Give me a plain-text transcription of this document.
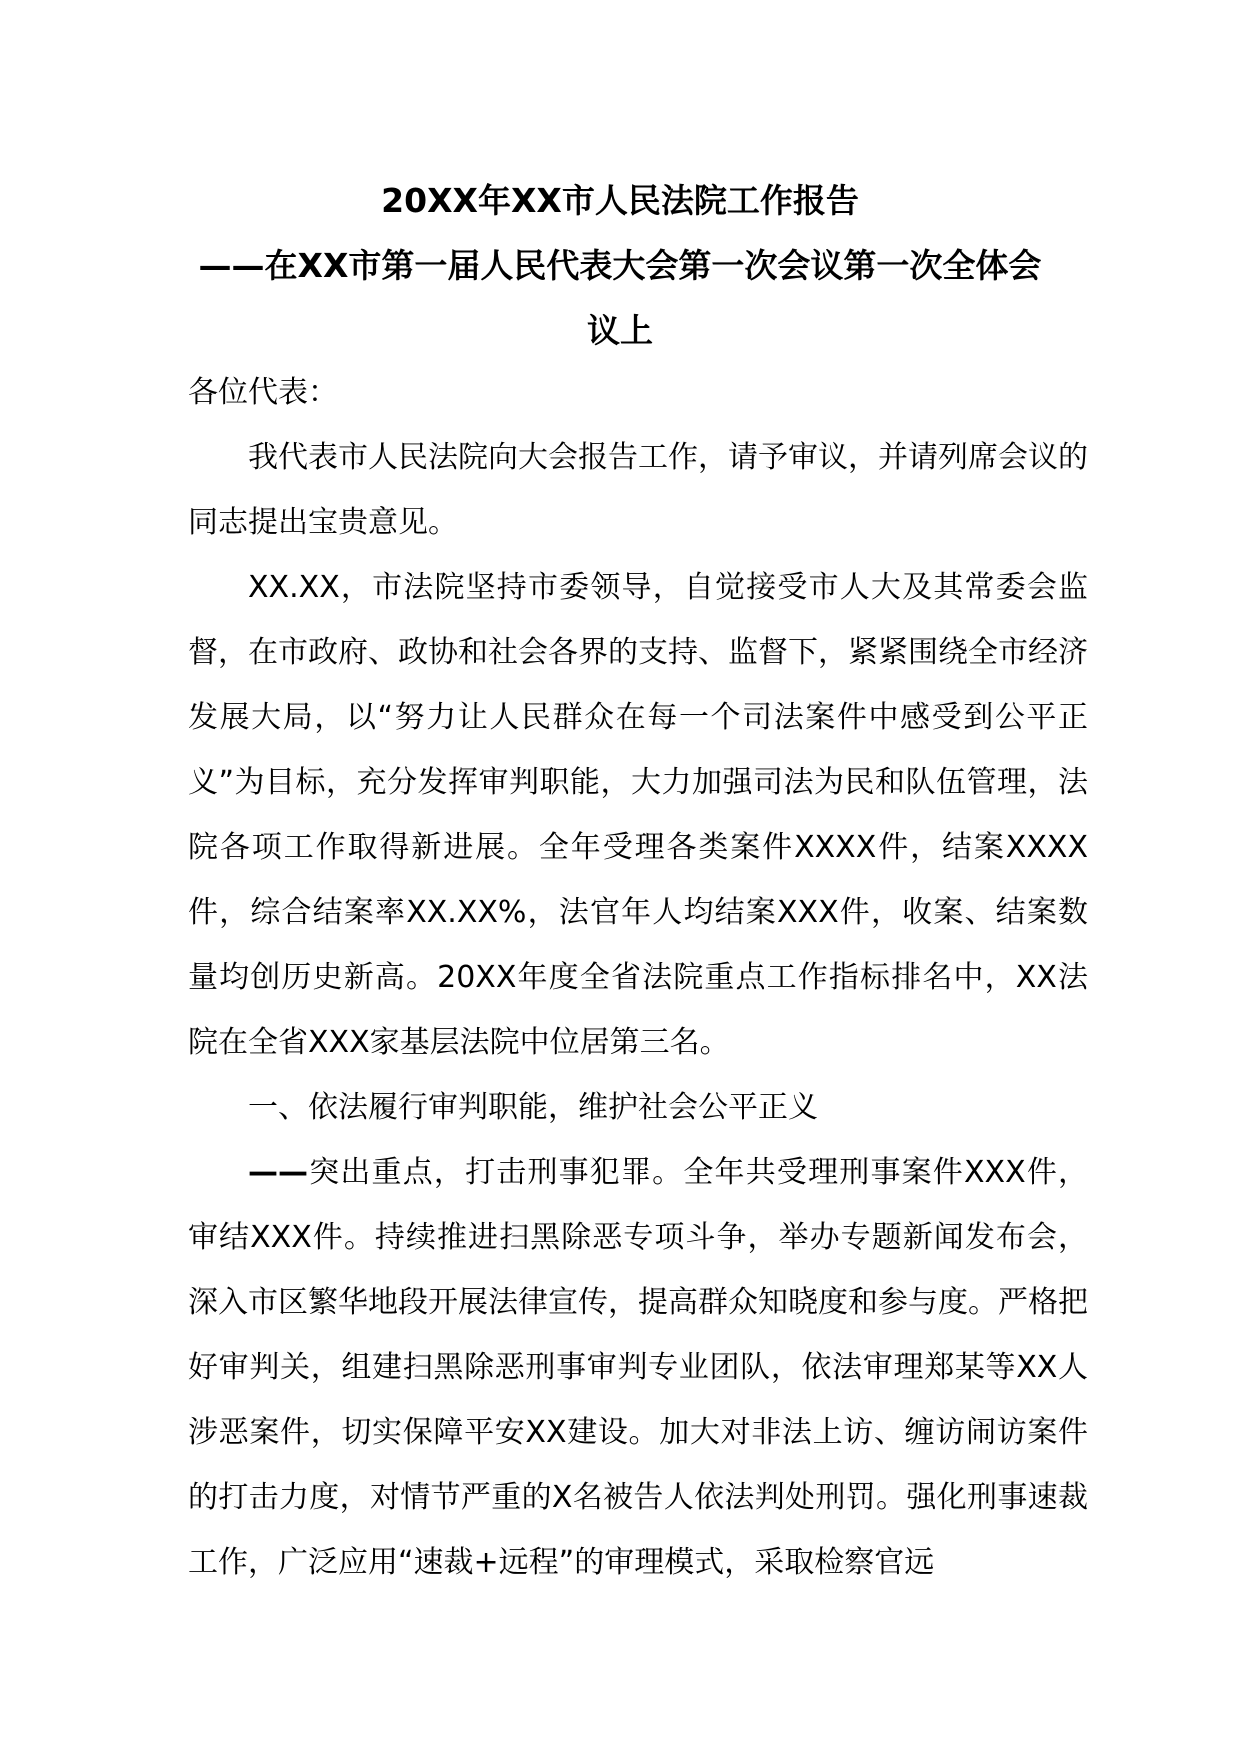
20XX年XX市人民法院工作报告
——在XX市第一届人民代表大会第一次会议第一次全体会
议上

各位代表：

我代表市人民法院向大会报告工作，请予审议，并请列席会议的同志提出宝贵意见。

XX.XX，市法院坚持市委领导，自觉接受市人大及其常委会监督，在市政府、政协和社会各界的支持、监督下，紧紧围绕全市经济发展大局，以“努力让人民群众在每一个司法案件中感受到公平正义”为目标，充分发挥审判职能，大力加强司法为民和队伍管理，法院各项工作取得新进展。全年受理各类案件XXXX件，结案XXXX件，综合结案率XX.XX%，法官年人均结案XXX件，收案、结案数量均创历史新高。20XX年度全省法院重点工作指标排名中，XX法院在全省XXX家基层法院中位居第三名。

一、依法履行审判职能，维护社会公平正义

——突出重点，打击刑事犯罪。全年共受理刑事案件XXX件，审结XXX件。持续推进扫黑除恶专项斗争，举办专题新闻发布会，深入市区繁华地段开展法律宣传，提高群众知晓度和参与度。严格把好审判关，组建扫黑除恶刑事审判专业团队，依法审理郑某等XX人涉恶案件，切实保障平安XX建设。加大对非法上访、缠访闹访案件的打击力度，对情节严重的X名被告人依法判处刑罚。强化刑事速裁工作，广泛应用“速裁+远程”的审理模式，采取检察官远
